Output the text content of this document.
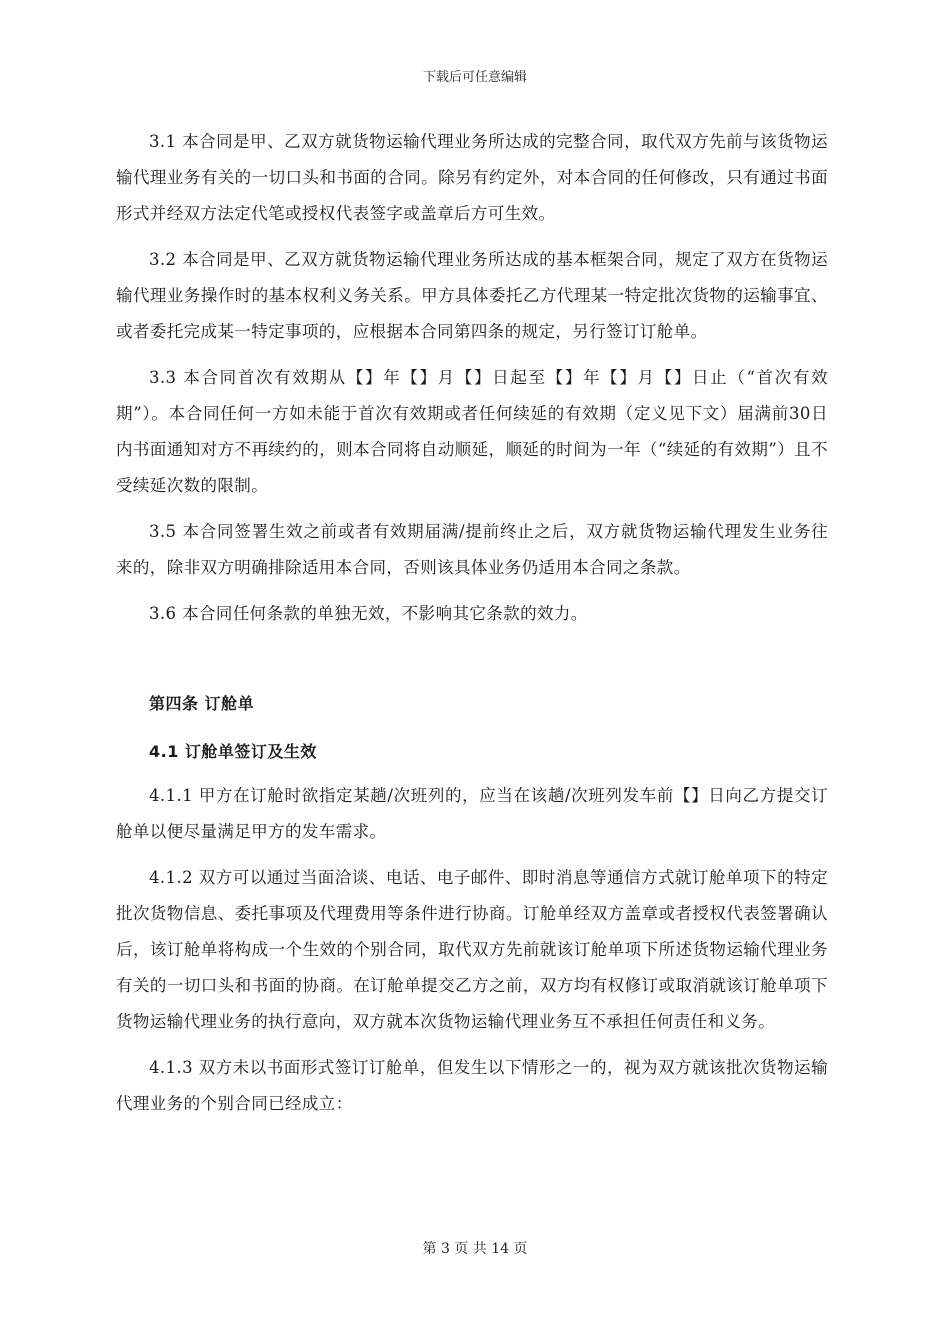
下载后可任意编辑

3.1 本合同是甲、乙双方就货物运输代理业务所达成的完整合同，取代双方先前与该货物运输代理业务有关的一切口头和书面的合同。除另有约定外，对本合同的任何修改，只有通过书面形式并经双方法定代笔或授权代表签字或盖章后方可生效。

3.2 本合同是甲、乙双方就货物运输代理业务所达成的基本框架合同，规定了双方在货物运输代理业务操作时的基本权利义务关系。甲方具体委托乙方代理某一特定批次货物的运输事宜、或者委托完成某一特定事项的，应根据本合同第四条的规定，另行签订订舱单。

3.3 本合同首次有效期从【】年【】月【】日起至【】年【】月【】日止（“首次有效期”）。本合同任何一方如未能于首次有效期或者任何续延的有效期（定义见下文）届满前30日内书面通知对方不再续约的，则本合同将自动顺延，顺延的时间为一年（“续延的有效期”）且不受续延次数的限制。

3.5 本合同签署生效之前或者有效期届满/提前终止之后，双方就货物运输代理发生业务往来的，除非双方明确排除适用本合同，否则该具体业务仍适用本合同之条款。

3.6 本合同任何条款的单独无效，不影响其它条款的效力。

第四条 订舱单
4.1 订舱单签订及生效

4.1.1 甲方在订舱时欲指定某趟/次班列的，应当在该趟/次班列发车前【】日向乙方提交订舱单以便尽量满足甲方的发车需求。

4.1.2 双方可以通过当面洽谈、电话、电子邮件、即时消息等通信方式就订舱单项下的特定批次货物信息、委托事项及代理费用等条件进行协商。订舱单经双方盖章或者授权代表签署确认后，该订舱单将构成一个生效的个别合同，取代双方先前就该订舱单项下所述货物运输代理业务有关的一切口头和书面的协商。在订舱单提交乙方之前，双方均有权修订或取消就该订舱单项下货物运输代理业务的执行意向，双方就本次货物运输代理业务互不承担任何责任和义务。

4.1.3 双方未以书面形式签订订舱单，但发生以下情形之一的，视为双方就该批次货物运输代理业务的个别合同已经成立：

第 3 页 共 14 页
